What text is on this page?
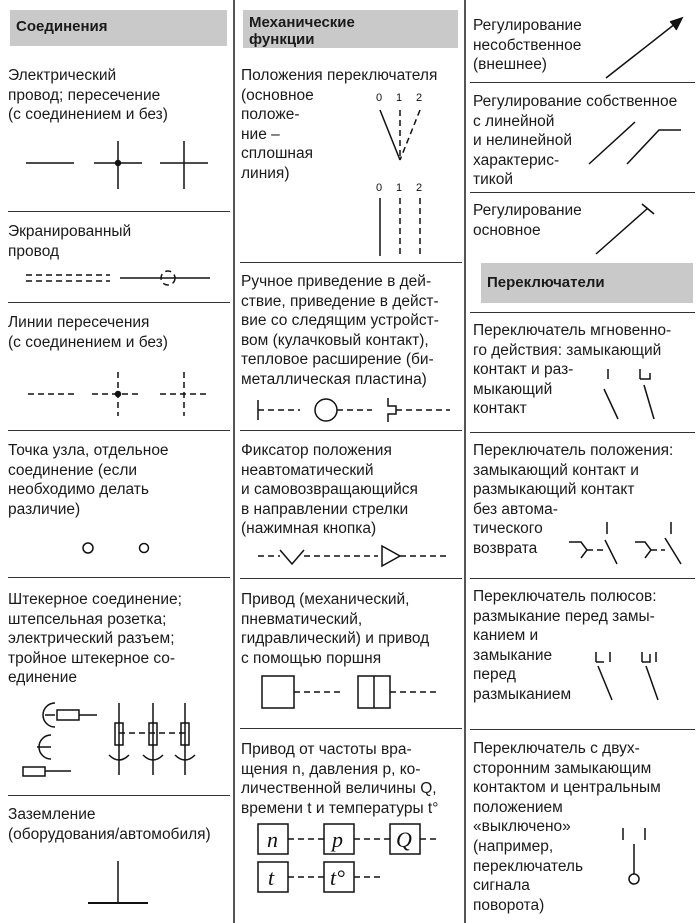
Соединения
Электрический
провод; пересечение
(с соединением и без)
Экранированный
провод
Линии пересечения
(с соединением и без)
Точка узла, отдельное
соединение (если
необходимо делать
различие)
Штекерное соединение;
штепсельная розетка;
электрический разъем;
тройное штекерное со-
единение
Заземление
(оборудования/автомобиля)
Механические
функции
Положения переключателя
(основное
положе-
ние –
сплошная
линия)
0 1 2
0 1 2
Ручное приведение в дей-
ствие, приведение в дейст-
вие со следящим устройст-
вом (кулачковый контакт),
тепловое расширение (би-
металлическая пластина)
Фиксатор положения
неавтоматический
и самовозвращающийся
в направлении стрелки
(нажимная кнопка)
Привод (механический,
пневматический,
гидравлический) и привод
с помощью поршня
Привод от частоты вра-
щения n, давления p, ко-
личественной величины Q,
времени t и температуры t°
n p Q
t	t°
Регулирование
несобственное
(внешнее)
Регулирование собственное
с линейной
и нелинейной
характерис-
тикой
Регулирование
основное
Переключатели
Переключатель мгновенно-
го действия: замыкающий
контакт и раз-
мыкающий
контакт
Переключатель положения:
замыкающий контакт и
размыкающий контакт
без автома-
тического
возврата
Переключатель полюсов:
размыкание перед замы-
канием и
замыкание
перед
размыканием
Переключатель с двух-
сторонним замыкающим
контактом и центральным
положением
«выключено»
(например,
переключатель
сигнала
поворота)
